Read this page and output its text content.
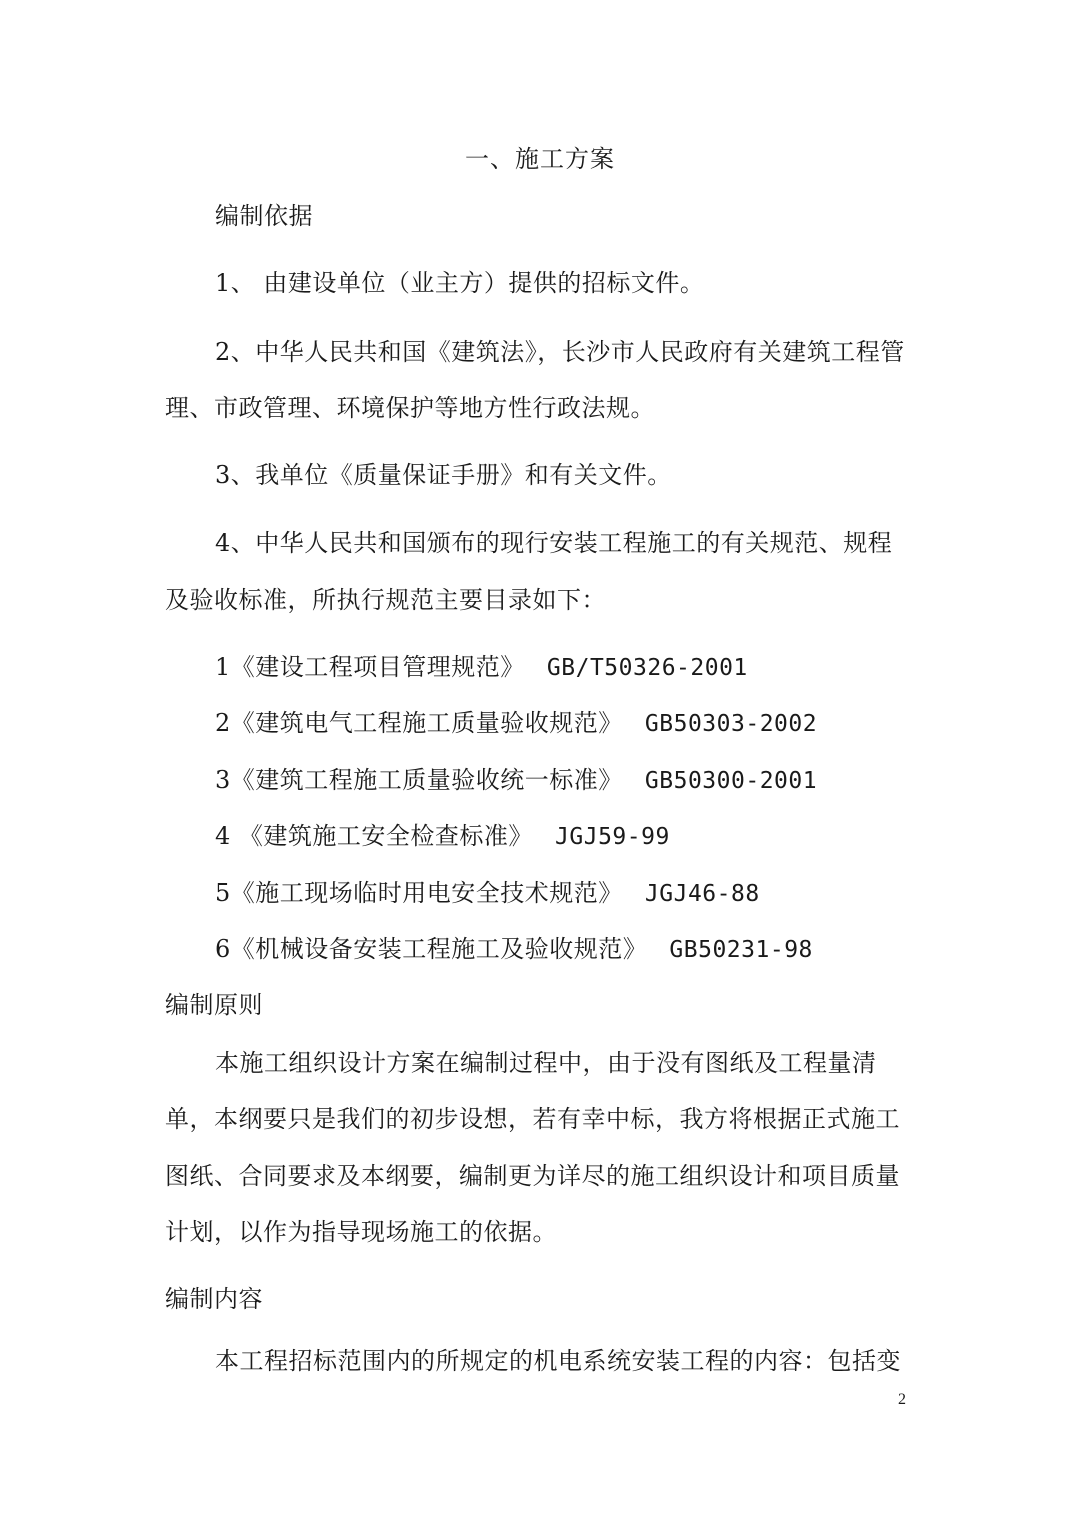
一、施工方案
编制依据
1、 由建设单位（业主方）提供的招标文件。
2、中华人民共和国《建筑法》，长沙市人民政府有关建筑工程管
理、市政管理、环境保护等地方性行政法规。
3、我单位《质量保证手册》和有关文件。
4、中华人民共和国颁布的现行安装工程施工的有关规范、规程
及验收标准，所执行规范主要目录如下：
1《建设工程项目管理规范》 GB/T50326-2001
2《建筑电气工程施工质量验收规范》 GB50303-2002
3《建筑工程施工质量验收统一标准》 GB50300-2001
4 《建筑施工安全检查标准》 JGJ59-99
5《施工现场临时用电安全技术规范》 JGJ46-88
6《机械设备安装工程施工及验收规范》 GB50231-98
编制原则
本施工组织设计方案在编制过程中，由于没有图纸及工程量清
单，本纲要只是我们的初步设想，若有幸中标，我方将根据正式施工
图纸、合同要求及本纲要，编制更为详尽的施工组织设计和项目质量
计划，以作为指导现场施工的依据。
编制内容
本工程招标范围内的所规定的机电系统安装工程的内容：包括变
2
